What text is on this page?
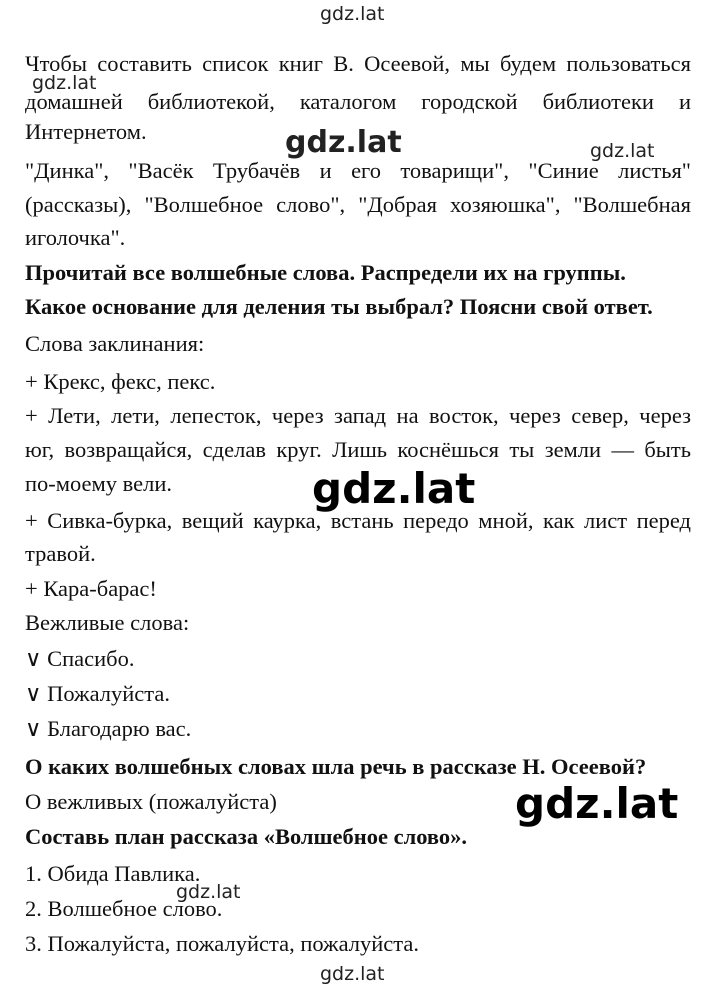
Чтобы составить список книг В. Осеевой, мы будем пользоваться
домашней библиотекой, каталогом городской библиотеки и
Интернетом.
"Динка", "Васёк Трубачёв и его товарищи", "Синие листья"
(рассказы), "Волшебное слово", "Добрая хозяюшка", "Волшебная
иголочка".
Прочитай все волшебные слова. Распредели их на группы.
Какое основание для деления ты выбрал? Поясни свой ответ.
Слова заклинания:
+ Крекс, фекс, пекс.
+ Лети, лети, лепесток, через запад на восток, через север, через
юг, возвращайся, сделав круг. Лишь коснёшься ты земли — быть
по-моему вели.
+ Сивка-бурка, вещий каурка, встань передо мной, как лист перед
травой.
+ Кара-барас!
Вежливые слова:
∨ Спасибо.
∨ Пожалуйста.
∨ Благодарю вас.
О каких волшебных словах шла речь в рассказе Н. Осеевой?
О вежливых (пожалуйста)
Составь план рассказа «Волшебное слово».
1. Обида Павлика.
2. Волшебное слово.
3. Пожалуйста, пожалуйста, пожалуйста.
gdz.lat
gdz.lat
gdz.lat	gdz.lat
gdz.lat
gdz.lat
gdz.lat
gdz.lat
